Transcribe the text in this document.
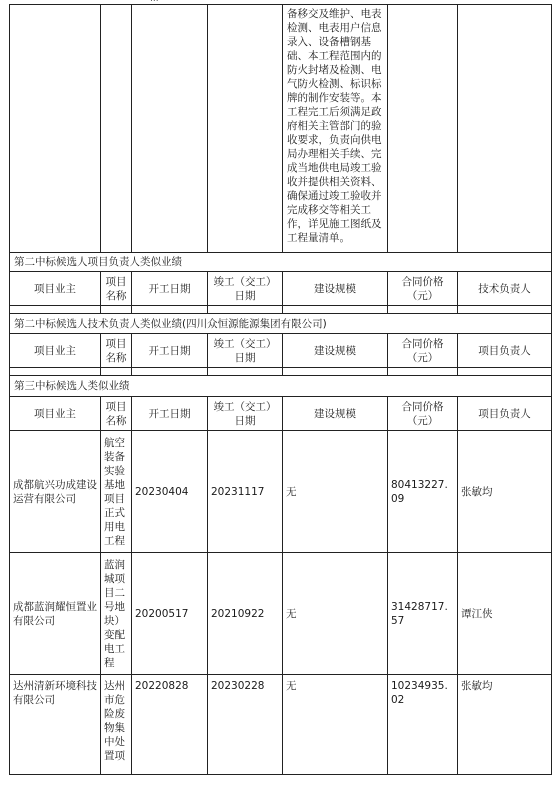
				备移交及维护、电表检测、电表用户信息录入、设备槽钢基础、本工程范围内的防火封堵及检测、电气防火检测、标识标牌的制作安装等。本工程完工后须满足政府相关主管部门的验收要求，负责向供电局办理相关手续、完成当地供电局竣工验收并提供相关资料、确保通过竣工验收并完成移交等相关工作，详见施工图纸及工程量清单。		
第二中标候选人项目负责人类似业绩						
项目业主	项目名称	开工日期	竣工（交工）日期	建设规模	合同价格（元）	技术负责人

第二中标候选人技术负责人类似业绩(四川众恒源能源集团有限公司)						
项目业主	项目名称	开工日期	竣工（交工）日期	建设规模	合同价格（元）	项目负责人

第三中标候选人类似业绩						
项目业主	项目名称	开工日期	竣工（交工）日期	建设规模	合同价格（元）	项目负责人
成都航兴功成建设运营有限公司	航空装备实验基地项目正式用电工程	20230404	20231117	无	80413227.09	张敏均
成都蓝润耀恒置业有限公司	蓝润城项目二号地块）变配电工程	20200517	20210922	无	31428717.57	谭江侠
达州清新环境科技有限公司	达州市危险废物集中处置项	20220828	20230228	无	10234935.02	张敏均
